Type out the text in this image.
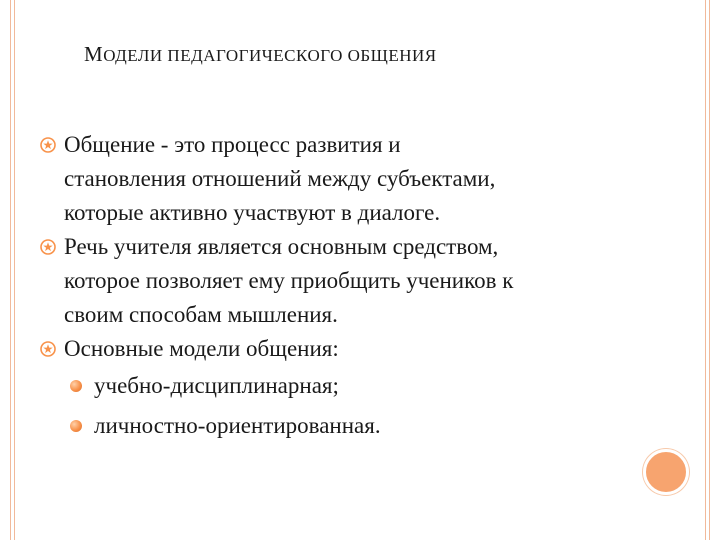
МОДЕЛИ ПЕДАГОГИЧЕСКОГО ОБЩЕНИЯ
Общение - это процесс развития и
становления отношений между субъектами,
которые активно участвуют в диалоге.
Речь учителя является основным средством,
которое позволяет ему приобщить учеников к
своим способам мышления.
Основные модели общения:
учебно-дисциплинарная;
личностно-ориентированная.
